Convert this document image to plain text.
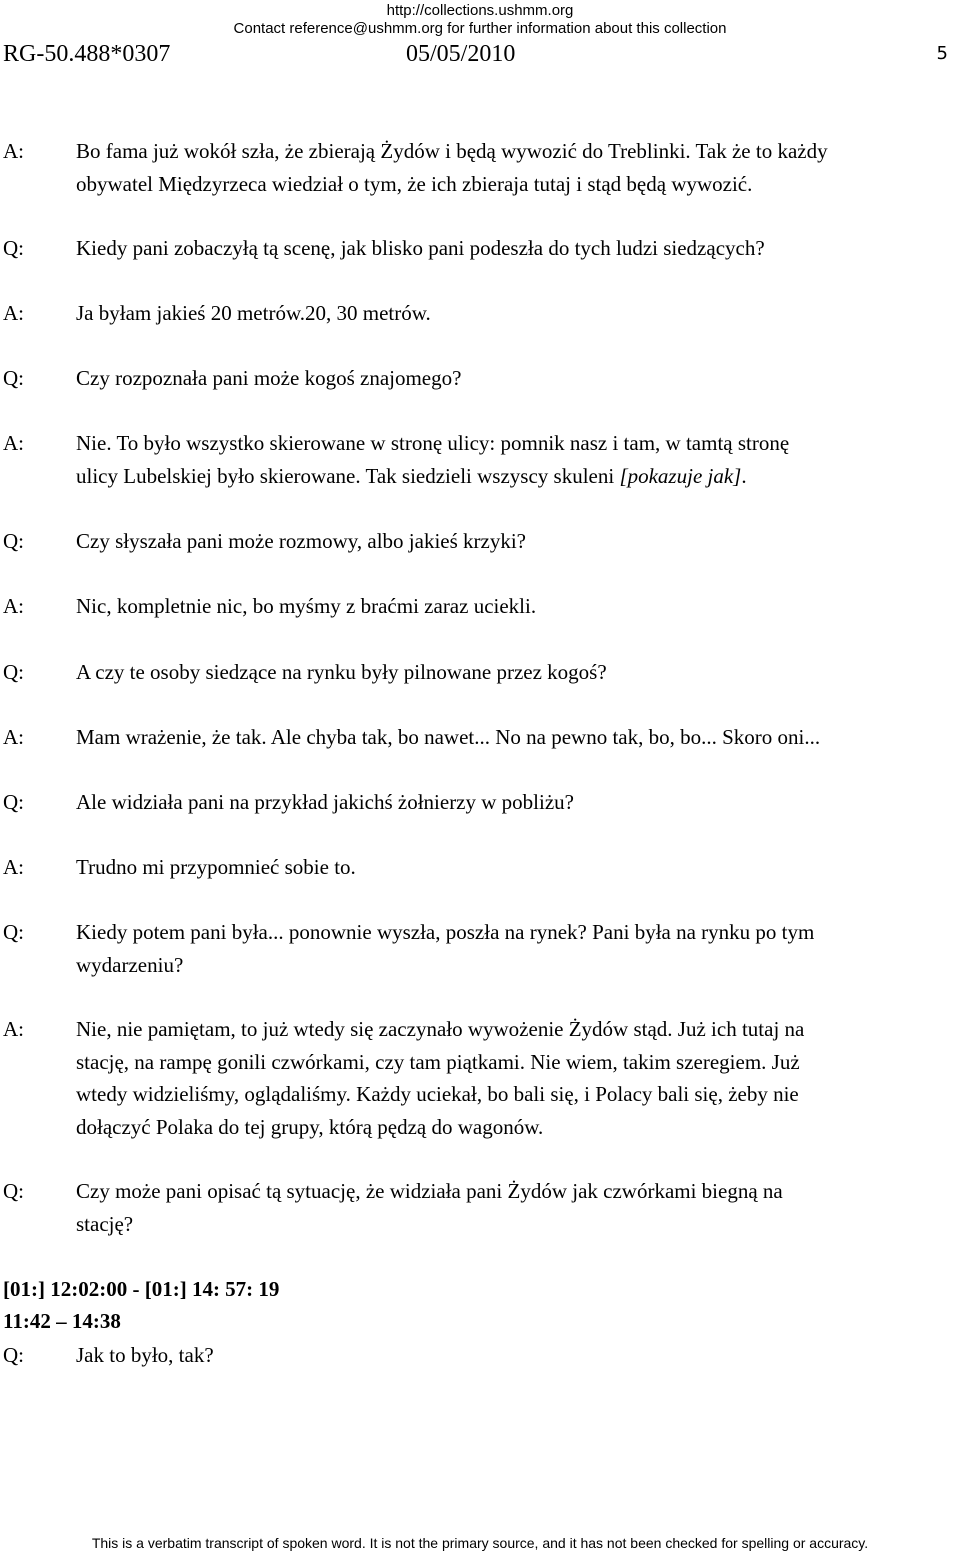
http://collections.ushmm.org
Contact reference@ushmm.org for further information about this collection
RG-50.488*0307	05/05/2010	5
A: Bo fama już wokół szła, że zbierają Żydów i będą wywozić do Treblinki. Tak że to każdy
obywatel Międzyrzeca wiedział o tym, że ich zbieraja tutaj i stąd będą wywozić.
Q: Kiedy pani zobaczyłą tą scenę, jak blisko pani podeszła do tych ludzi siedzących?
A: Ja byłam jakieś 20 metrów.20, 30 metrów.
Q: Czy rozpoznała pani może kogoś znajomego?
A: Nie. To było wszystko skierowane w stronę ulicy: pomnik nasz i tam, w tamtą stronę
ulicy Lubelskiej było skierowane. Tak siedzieli wszyscy skuleni [pokazuje jak].
Q: Czy słyszała pani może rozmowy, albo jakieś krzyki?
A: Nic, kompletnie nic, bo myśmy z braćmi zaraz uciekli.
Q: A czy te osoby siedzące na rynku były pilnowane przez kogoś?
A: Mam wrażenie, że tak. Ale chyba tak, bo nawet... No na pewno tak, bo, bo... Skoro oni...
Q: Ale widziała pani na przykład jakichś żołnierzy w pobliżu?
A: Trudno mi przypomnieć sobie to.
Q: Kiedy potem pani była... ponownie wyszła, poszła na rynek? Pani była na rynku po tym
wydarzeniu?
A: Nie, nie pamiętam, to już wtedy się zaczynało wywożenie Żydów stąd. Już ich tutaj na
stację, na rampę gonili czwórkami, czy tam piątkami. Nie wiem, takim szeregiem. Już
wtedy widzieliśmy, oglądaliśmy. Każdy uciekał, bo bali się, i Polacy bali się, żeby nie
dołączyć Polaka do tej grupy, którą pędzą do wagonów.
Q: Czy może pani opisać tą sytuację, że widziała pani Żydów jak czwórkami biegną na
stację?
[01:] 12:02:00 - [01:] 14: 57: 19
11:42 – 14:38
Q: Jak to było, tak?
This is a verbatim transcript of spoken word. It is not the primary source, and it has not been checked for spelling or accuracy.
